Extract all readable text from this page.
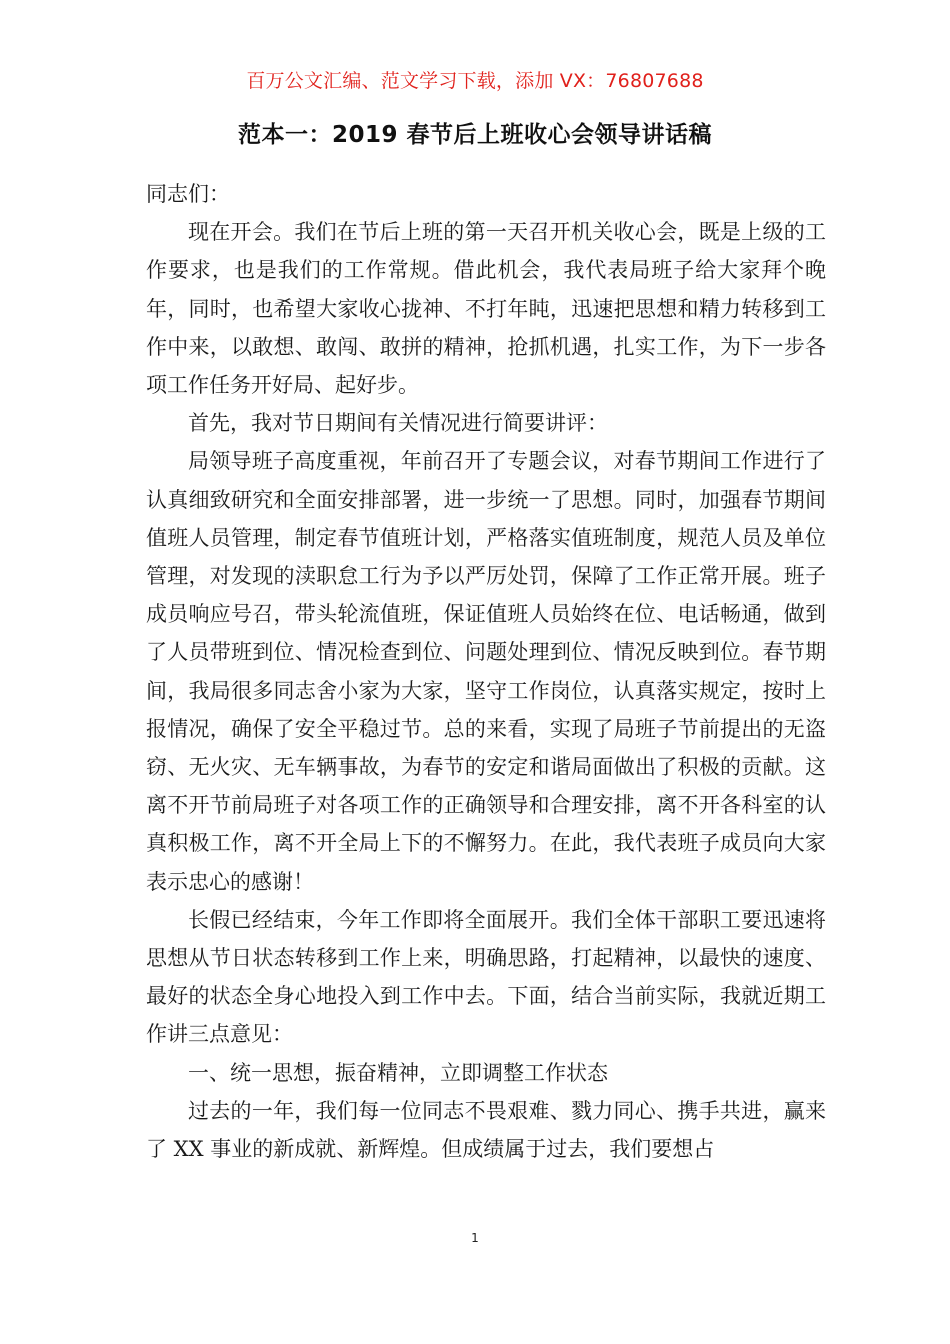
百万公文汇编、范文学习下载，添加 VX：76807688
范本一：2019 春节后上班收心会领导讲话稿

同志们：

现在开会。我们在节后上班的第一天召开机关收心会，既是上级的工作要求，也是我们的工作常规。借此机会，我代表局班子给大家拜个晚年，同时，也希望大家收心拢神、不打年盹，迅速把思想和精力转移到工作中来，以敢想、敢闯、敢拼的精神，抢抓机遇，扎实工作，为下一步各项工作任务开好局、起好步。

首先，我对节日期间有关情况进行简要讲评：

局领导班子高度重视，年前召开了专题会议，对春节期间工作进行了认真细致研究和全面安排部署，进一步统一了思想。同时，加强春节期间值班人员管理，制定春节值班计划，严格落实值班制度，规范人员及单位管理，对发现的渎职怠工行为予以严厉处罚，保障了工作正常开展。班子成员响应号召，带头轮流值班，保证值班人员始终在位、电话畅通，做到了人员带班到位、情况检查到位、问题处理到位、情况反映到位。春节期间，我局很多同志舍小家为大家，坚守工作岗位，认真落实规定，按时上报情况，确保了安全平稳过节。总的来看，实现了局班子节前提出的无盗窃、无火灾、无车辆事故，为春节的安定和谐局面做出了积极的贡献。这离不开节前局班子对各项工作的正确领导和合理安排，离不开各科室的认真积极工作，离不开全局上下的不懈努力。在此，我代表班子成员向大家表示忠心的感谢！

长假已经结束，今年工作即将全面展开。我们全体干部职工要迅速将思想从节日状态转移到工作上来，明确思路，打起精神，以最快的速度、最好的状态全身心地投入到工作中去。下面，结合当前实际，我就近期工作讲三点意见：

一、统一思想，振奋精神，立即调整工作状态

过去的一年，我们每一位同志不畏艰难、戮力同心、携手共进，赢来了 XX 事业的新成就、新辉煌。但成绩属于过去，我们要想占

1
